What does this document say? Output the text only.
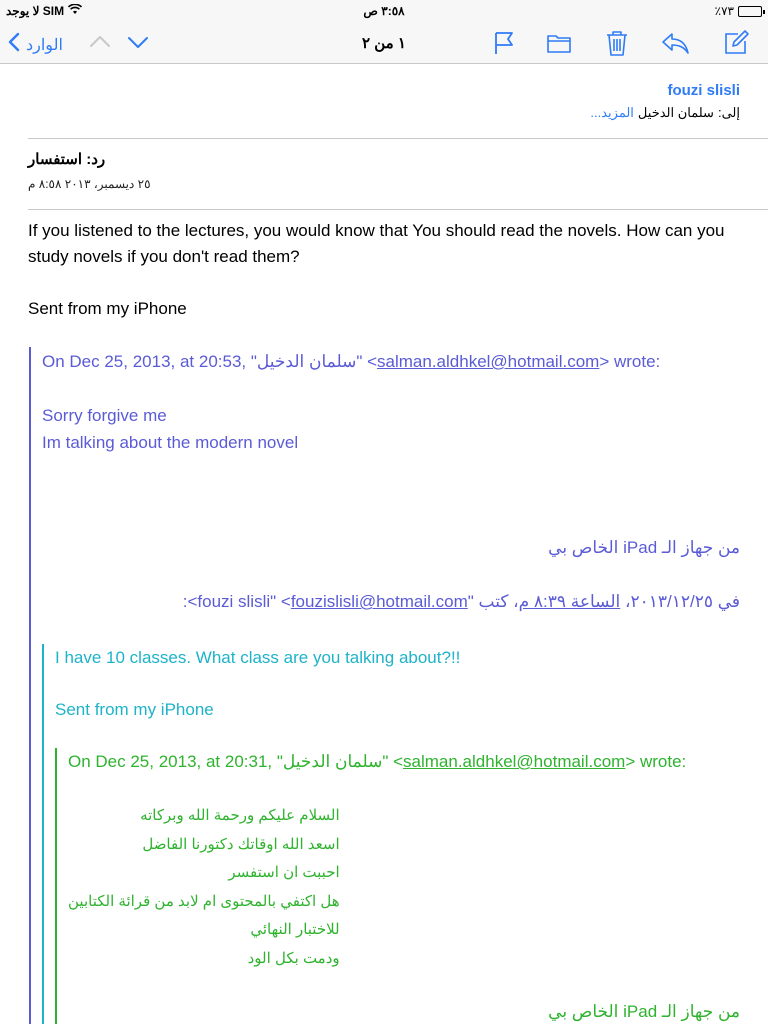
لا يوجد SIM	٣:٥٨ ص	٪٧٣
الوارد	١ من ٢
fouzi slisli
إلى:
سلمان الدخيل
المزيد...
رد: استفسار
٢٥ ديسمبر، ٢٠١٣ ٨:٥٨ م
If you listened to the lectures, you would know that You should read the novels. How can you study novels if you don't read them?
Sent from my iPhone
On Dec 25, 2013, at 20:53, "سلمان الدخيل" <salman.aldhkel@hotmail.com> wrote:
Sorry forgive me
Im talking about the modern novel
من جهاز الـ iPad الخاص بي
في ٢٠١٣/١٢/٢٥، الساعة ٨:٣٩ م، كتب "fouzi slisli" <fouzislisli@hotmail.com>:
I have 10 classes. What class are you talking about?!!
Sent from my iPhone
On Dec 25, 2013, at 20:31, "سلمان الدخيل" <salman.aldhkel@hotmail.com> wrote:
السلام عليكم ورحمة الله وبركاته
اسعد الله اوقاتك دكتورنا الفاضل
احببت ان استفسر
هل اكتفي بالمحتوى ام لابد من قرائة الكتابين
للاختبار النهائي
ودمت بكل الود
من جهاز الـ iPad الخاص بي
